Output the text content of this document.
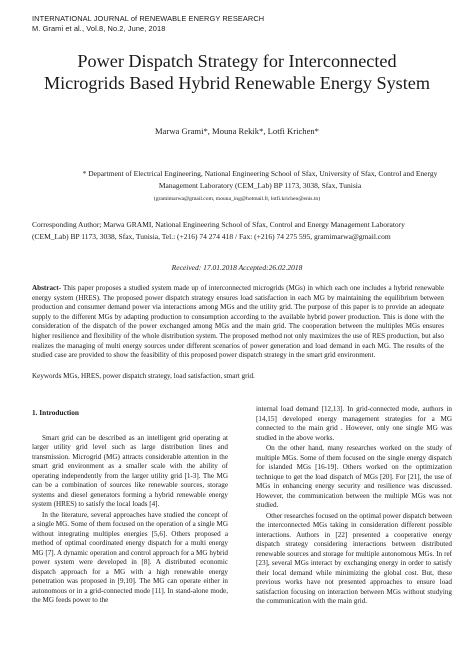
INTERNATIONAL JOURNAL of RENEWABLE ENERGY RESEARCH
M. Grami et al., Vol.8, No.2, June, 2018
Power Dispatch Strategy for Interconnected
Microgrids Based Hybrid Renewable Energy System
Marwa Grami*, Mouna Rekik*, Lotfi Krichen*
* Department of Electrical Engineering, National Engineering School of Sfax, University of Sfax, Control and Energy
Management Laboratory (CEM_Lab) BP 1173, 3038, Sfax, Tunisia
(gramimarwa@gmail.com, mouna_ing@hotmail.fr, lotfi.krichen@enis.tn)
Corresponding Author; Marwa GRAMI, National Engineering School of Sfax, Control and Energy Management Laboratory
(CEM_Lab) BP 1173, 3038, Sfax, Tunisia, Tel.: (+216) 74 274 418 / Fax: (+216) 74 275 595, gramimarwa@gmail.com
Received: 17.01.2018 Accepted:26.02.2018
Abstract- This paper proposes a studied system made up of interconnected microgrids (MGs) in which each one includes a hybrid renewable energy system (HRES). The proposed power dispatch strategy ensures load satisfaction in each MG by maintaining the equilibrium between production and consumer demand power via interactions among MGs and the utility grid. The purpose of this paper is to provide an adequate supply to the different MGs by adapting production to consumption according to the available hybrid power production. This is done with the consideration of the dispatch of the power exchanged among MGs and the main grid. The cooperation between the multiples MGs ensures higher resilience and flexibility of the whole distribution system. The proposed method not only maximizes the use of RES production, but also realizes the managing of multi energy sources under different scenarios of power generation and load demand in each MG. The results of the studied case are provided to show the feasibility of this proposed power dispatch strategy in the smart grid environment.
Keywords MGs, HRES, power dispatch strategy, load satisfaction, smart grid.
1. Introduction

Smart grid can be described as an intelligent grid operating at larger utility grid level such as large distribution lines and transmission. Microgrid (MG) attracts considerable attention in the smart grid environment as a smaller scale with the ability of operating independently from the larger utility grid [1-3]. The MG can be a combination of sources like renewable sources, storage systems and diesel generators forming a hybrid renewable energy system (HRES) to satisfy the local loads [4].

In the literature, several approaches have studied the concept of a single MG. Some of them focused on the operation of a single MG without integrating multiples energies [5,6]. Others proposed a method of optimal coordinated energy dispatch for a multi energy MG [7]. A dynamic operation and control approach for a MG hybrid power system were developed in [8]. A distributed economic dispatch approach for a MG with a high renewable energy penetration was proposed in [9,10]. The MG can operate either in autonomous or in a grid-connected mode [11]. In stand-alone mode, the MG feeds power to the

internal load demand [12,13]. In grid-connected mode, authors in [14,15] developed energy management strategies for a MG connected to the main grid . However, only one single MG was studied in the above works.

On the other hand, many researches worked on the study of multiple MGs. Some of them focused on the single energy dispatch for islanded MGs [16-19]. Others worked on the optimization technique to get the load dispatch of MGs [20]. For [21], the use of MGs in enhancing energy security and resilience was discussed. However, the communication between the multiple MGs was not studied.

Other researches focused on the optimal power dispatch between the interconnected MGs taking in consideration different possible interactions. Authors in [22] presented a cooperative energy dispatch strategy considering interactions between distributed renewable sources and storage for multiple autonomous MGs. In ref [23], several MGs interact by exchanging energy in order to satisfy their local demand while minimizing the global cost. But, these previous works have not presented approaches to ensure load satisfaction focusing on interaction between MGs without studying the communication with the main grid.
